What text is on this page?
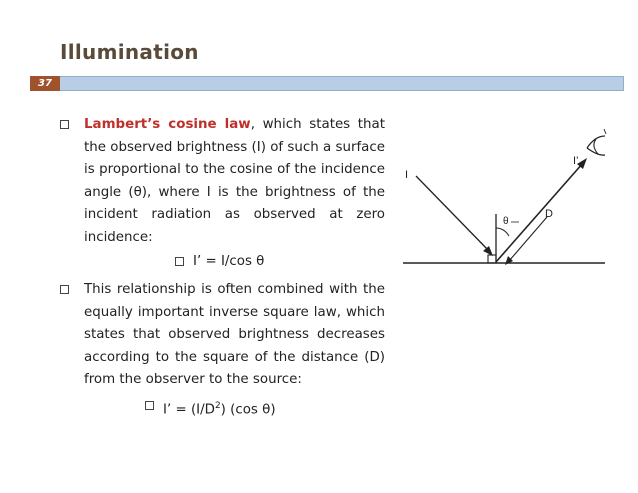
Illumination
37
Lambert’s cosine law, which states that the observed brightness (I) of such a surface is proportional to the cosine of the incidence angle (θ), where I is the brightness of the incident radiation as observed at zero incidence:
I’ = I/cos θ
This relationship is often combined with the equally important inverse square law, which states that observed brightness decreases according to the square of the distance (D) from the observer to the source:
I’ = $(I/D^2)$ (cos θ)
I
I’
θ
D
